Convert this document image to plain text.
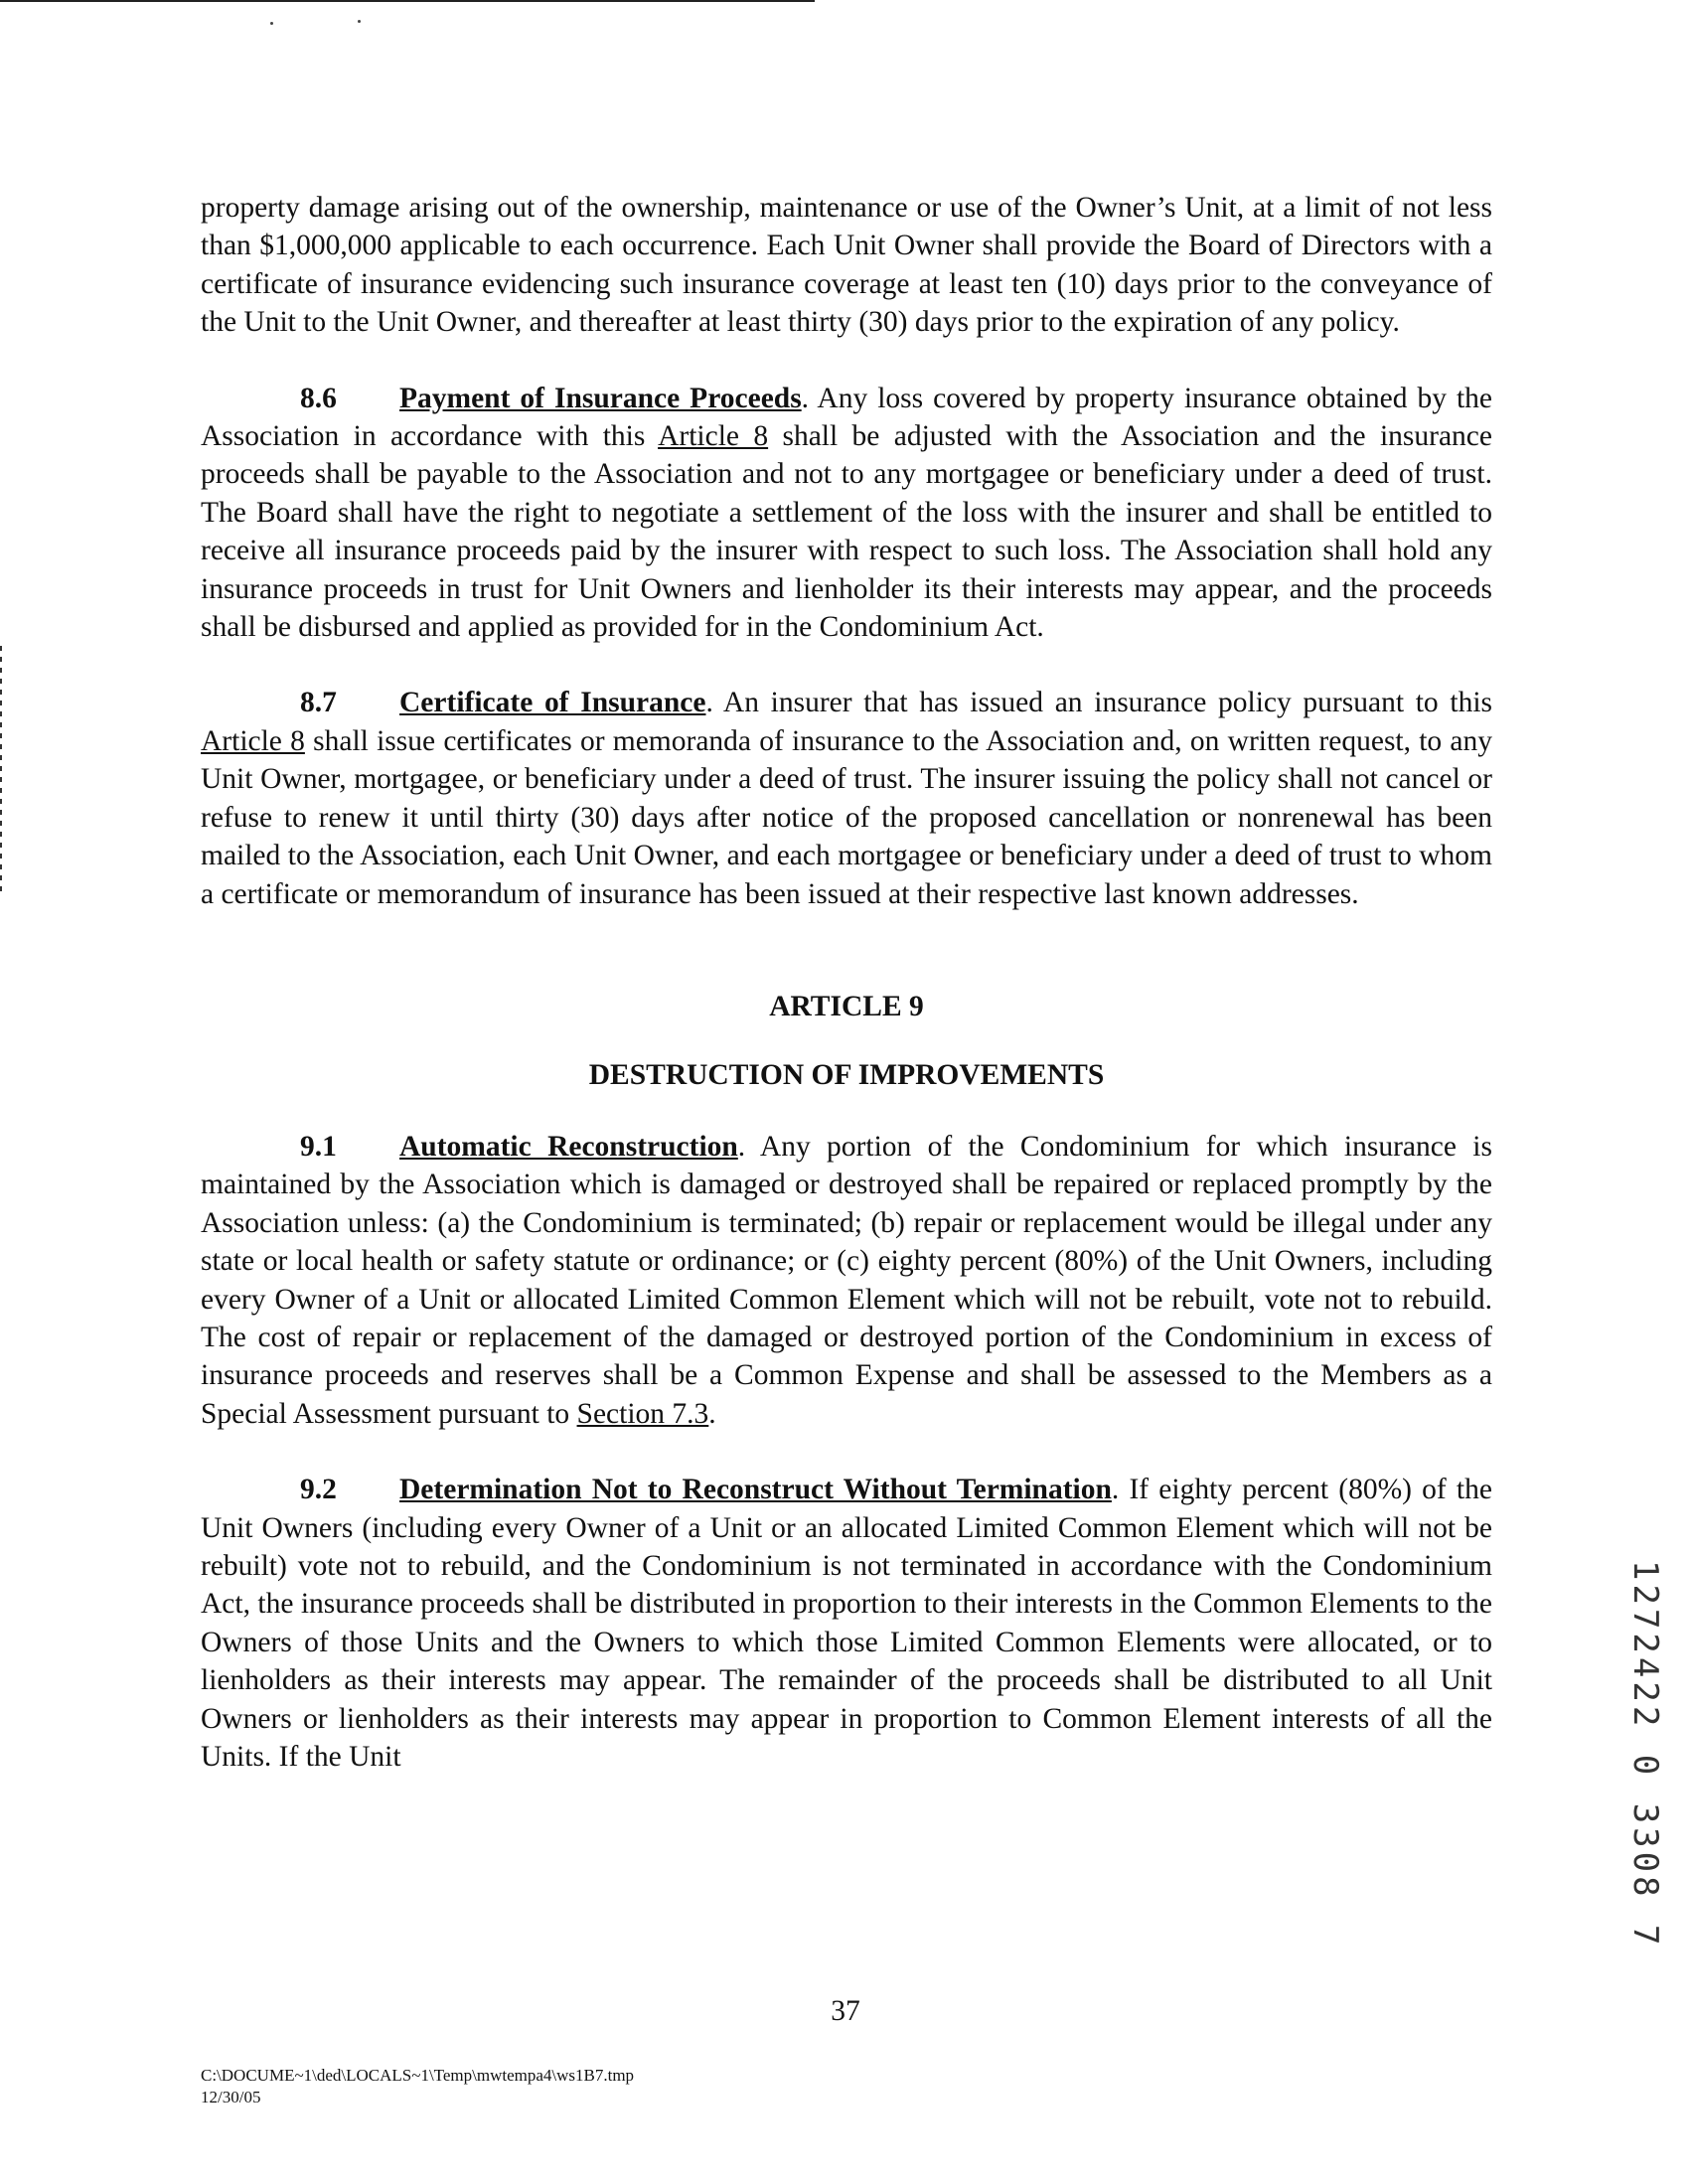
property damage arising out of the ownership, maintenance or use of the Owner’s Unit, at a limit of not less than $1,000,000 applicable to each occurrence. Each Unit Owner shall provide the Board of Directors with a certificate of insurance evidencing such insurance coverage at least ten (10) days prior to the conveyance of the Unit to the Unit Owner, and thereafter at least thirty (30) days prior to the expiration of any policy.

8.6 Payment of Insurance Proceeds. Any loss covered by property insurance obtained by the Association in accordance with this Article 8 shall be adjusted with the Association and the insurance proceeds shall be payable to the Association and not to any mortgagee or beneficiary under a deed of trust. The Board shall have the right to negotiate a settlement of the loss with the insurer and shall be entitled to receive all insurance proceeds paid by the insurer with respect to such loss. The Association shall hold any insurance proceeds in trust for Unit Owners and lienholder its their interests may appear, and the proceeds shall be disbursed and applied as provided for in the Condominium Act.

8.7 Certificate of Insurance. An insurer that has issued an insurance policy pursuant to this Article 8 shall issue certificates or memoranda of insurance to the Association and, on written request, to any Unit Owner, mortgagee, or beneficiary under a deed of trust. The insurer issuing the policy shall not cancel or refuse to renew it until thirty (30) days after notice of the proposed cancellation or nonrenewal has been mailed to the Association, each Unit Owner, and each mortgagee or beneficiary under a deed of trust to whom a certificate or memorandum of insurance has been issued at their respective last known addresses.

ARTICLE 9

DESTRUCTION OF IMPROVEMENTS

9.1 Automatic Reconstruction. Any portion of the Condominium for which insurance is maintained by the Association which is damaged or destroyed shall be repaired or replaced promptly by the Association unless: (a) the Condominium is terminated; (b) repair or replacement would be illegal under any state or local health or safety statute or ordinance; or (c) eighty percent (80%) of the Unit Owners, including every Owner of a Unit or allocated Limited Common Element which will not be rebuilt, vote not to rebuild. The cost of repair or replacement of the damaged or destroyed portion of the Condominium in excess of insurance proceeds and reserves shall be a Common Expense and shall be assessed to the Members as a Special Assessment pursuant to Section 7.3.

9.2 Determination Not to Reconstruct Without Termination. If eighty percent (80%) of the Unit Owners (including every Owner of a Unit or an allocated Limited Common Element which will not be rebuilt) vote not to rebuild, and the Condominium is not terminated in accordance with the Condominium Act, the insurance proceeds shall be distributed in proportion to their interests in the Common Elements to the Owners of those Units and the Owners to which those Limited Common Elements were allocated, or to lienholders as their interests may appear. The remainder of the proceeds shall be distributed to all Unit Owners or lienholders as their interests may appear in proportion to Common Element interests of all the Units. If the Unit

37
C:\DOCUME~1\ded\LOCALS~1\Temp\mwtempa4\ws1B7.tmp
12/30/05
1272422 0 3308 7
